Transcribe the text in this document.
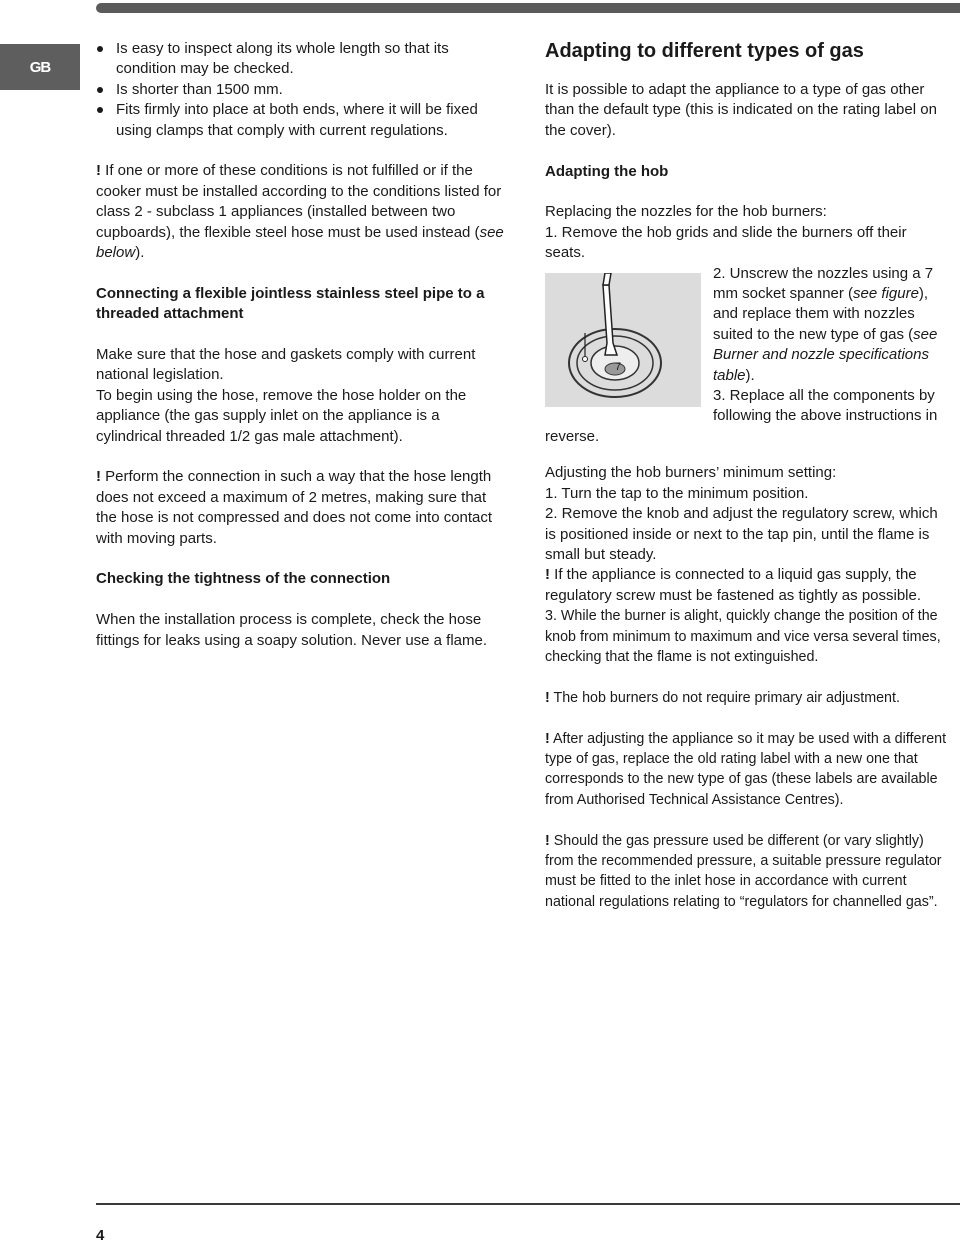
GB
Is easy to inspect along its whole length so that its condition may be checked.
Is shorter than 1500 mm.
Fits firmly into place at both ends, where it will be fixed using clamps that comply with current regulations.

! If one or more of these conditions is not fulfilled or if the cooker must be installed according to the conditions listed for class 2 - subclass 1 appliances (installed between two cupboards), the flexible steel hose must be used instead (see below).

Connecting a flexible jointless stainless steel pipe to a threaded attachment

Make sure that the hose and gaskets comply with current national legislation.

To begin using the hose, remove the hose holder on the appliance (the gas supply inlet on the appliance is a cylindrical threaded 1/2 gas male attachment).

! Perform the connection in such a way that the hose length does not exceed a maximum of 2 metres, making sure that the hose is not compressed and does not come into contact with moving parts.

Checking the tightness of the connection

When the installation process is complete, check the hose fittings for leaks using a soapy solution. Never use a flame.

Adapting to different types of gas

It is possible to adapt the appliance to a type of gas other than the default type (this is indicated on the rating label on the cover).

Adapting the hob

Replacing the nozzles for the hob burners:

1. Remove the hob grids and slide the burners off their seats.

7

2. Unscrew the nozzles using a 7 mm socket spanner (see figure), and replace them with nozzles suited to the new type of gas (see Burner and nozzle specifications table).

3. Replace all the components by following the above instructions in reverse.

Adjusting the hob burners’ minimum setting:

1. Turn the tap to the minimum position.

2. Remove the knob and adjust the regulatory screw, which is positioned inside or next to the tap pin, until the flame is small but steady.

! If the appliance is connected to a liquid gas supply, the regulatory screw must be fastened as tightly as possible.

3. While the burner is alight, quickly change the position of the knob from minimum to maximum and vice versa several times, checking that the flame is not extinguished.

! The hob burners do not require primary air adjustment.

! After adjusting the appliance so it may be used with a different type of gas, replace the old rating label with a new one that corresponds to the new type of gas (these labels are available from Authorised Technical Assistance Centres).

! Should the gas pressure used be different (or vary slightly) from the recommended pressure, a suitable pressure regulator must be fitted to the inlet hose in accordance with current national regulations relating to “regulators for channelled gas”.

4
